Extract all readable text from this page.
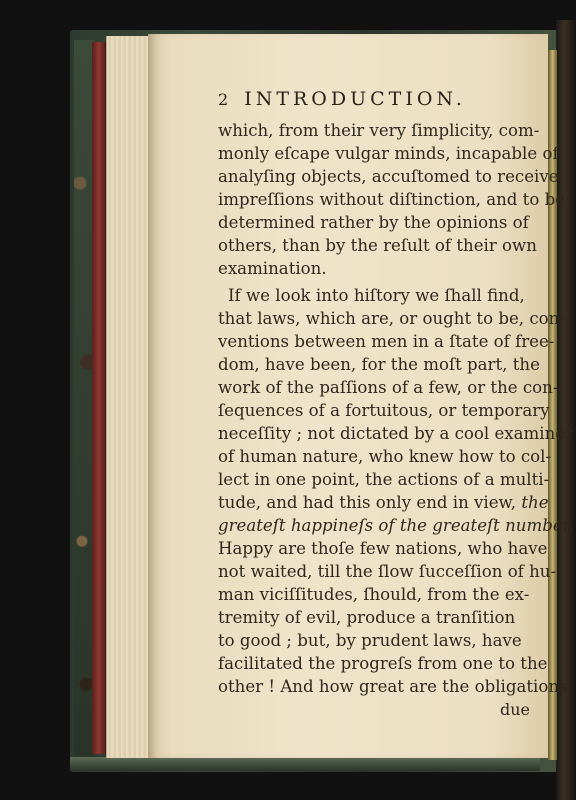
2 INTRODUCTION.
which, from their very ſimplicity, com-
monly eſcape vulgar minds, incapable of
analyſing objects, accuſtomed to receive
impreſſions without diſtinction, and to be
determined rather by the opinions of
others, than by the reſult of their own
examination.
If we look into hiſtory we ſhall find,
that laws, which are, or ought to be, con-
ventions between men in a ſtate of free-
dom, have been, for the moſt part, the
work of the paſſions of a few, or the con-
ſequences of a fortuitous, or temporary
neceſſity ; not dictated by a cool examiner
of human nature, who knew how to col-
lect in one point, the actions of a multi-
tude, and had this only end in view, the
greateſt happineſs of the greateſt number.
Happy are thoſe few nations, who have
not waited, till the ſlow ſucceſſion of hu-
man viciſſitudes, ſhould, from the ex-
tremity of evil, produce a tranſition
to good ; but, by prudent laws, have
facilitated the progreſs from one to the
other ! And how great are the obligations
due
